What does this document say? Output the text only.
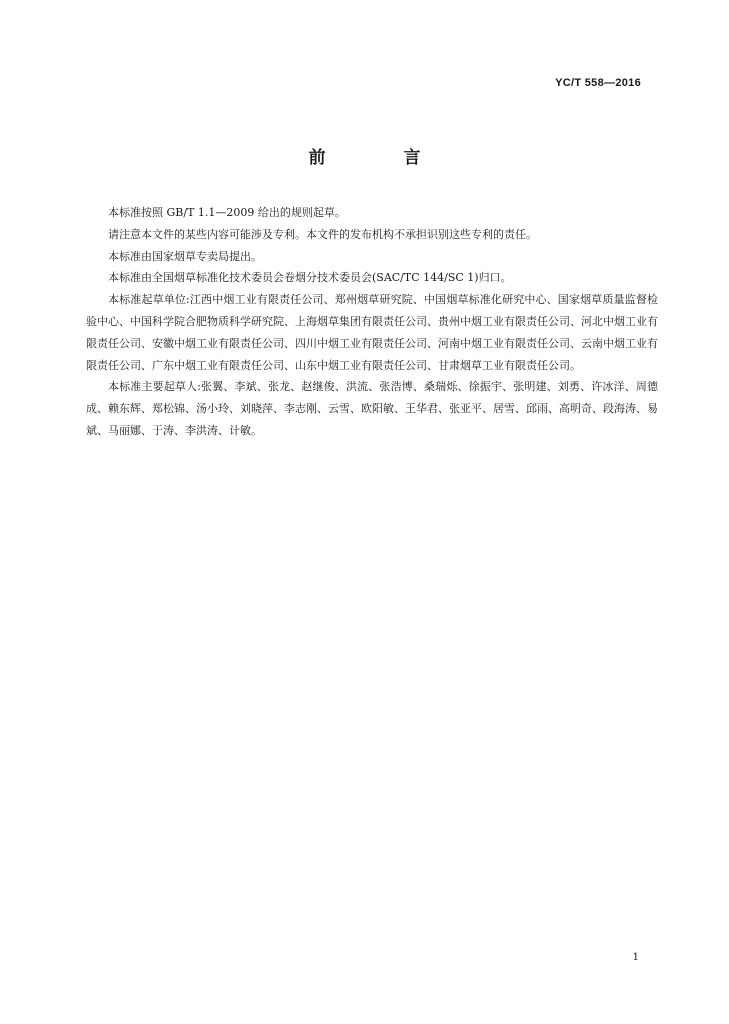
YC/T 558—2016
前 言

本标准按照 GB/T 1.1—2009 给出的规则起草。

请注意本文件的某些内容可能涉及专利。本文件的发布机构不承担识别这些专利的责任。

本标准由国家烟草专卖局提出。

本标准由全国烟草标准化技术委员会卷烟分技术委员会(SAC/TC 144/SC 1)归口。

本标准起草单位:江西中烟工业有限责任公司、郑州烟草研究院、中国烟草标准化研究中心、国家烟草质量监督检验中心、中国科学院合肥物质科学研究院、上海烟草集团有限责任公司、贵州中烟工业有限责任公司、河北中烟工业有限责任公司、安徽中烟工业有限责任公司、四川中烟工业有限责任公司、河南中烟工业有限责任公司、云南中烟工业有限责任公司、广东中烟工业有限责任公司、山东中烟工业有限责任公司、甘肃烟草工业有限责任公司。

本标准主要起草人:张翼、李斌、张龙、赵继俊、洪流、张浩博、桑瑞烁、徐振宇、张明建、刘勇、许冰洋、周德成、赖东辉、郑松锦、汤小玲、刘晓萍、李志刚、云雪、欧阳敏、王华君、张亚平、居雪、邱雨、高明奇、段海涛、易斌、马丽娜、于涛、李洪涛、计敏。

1
